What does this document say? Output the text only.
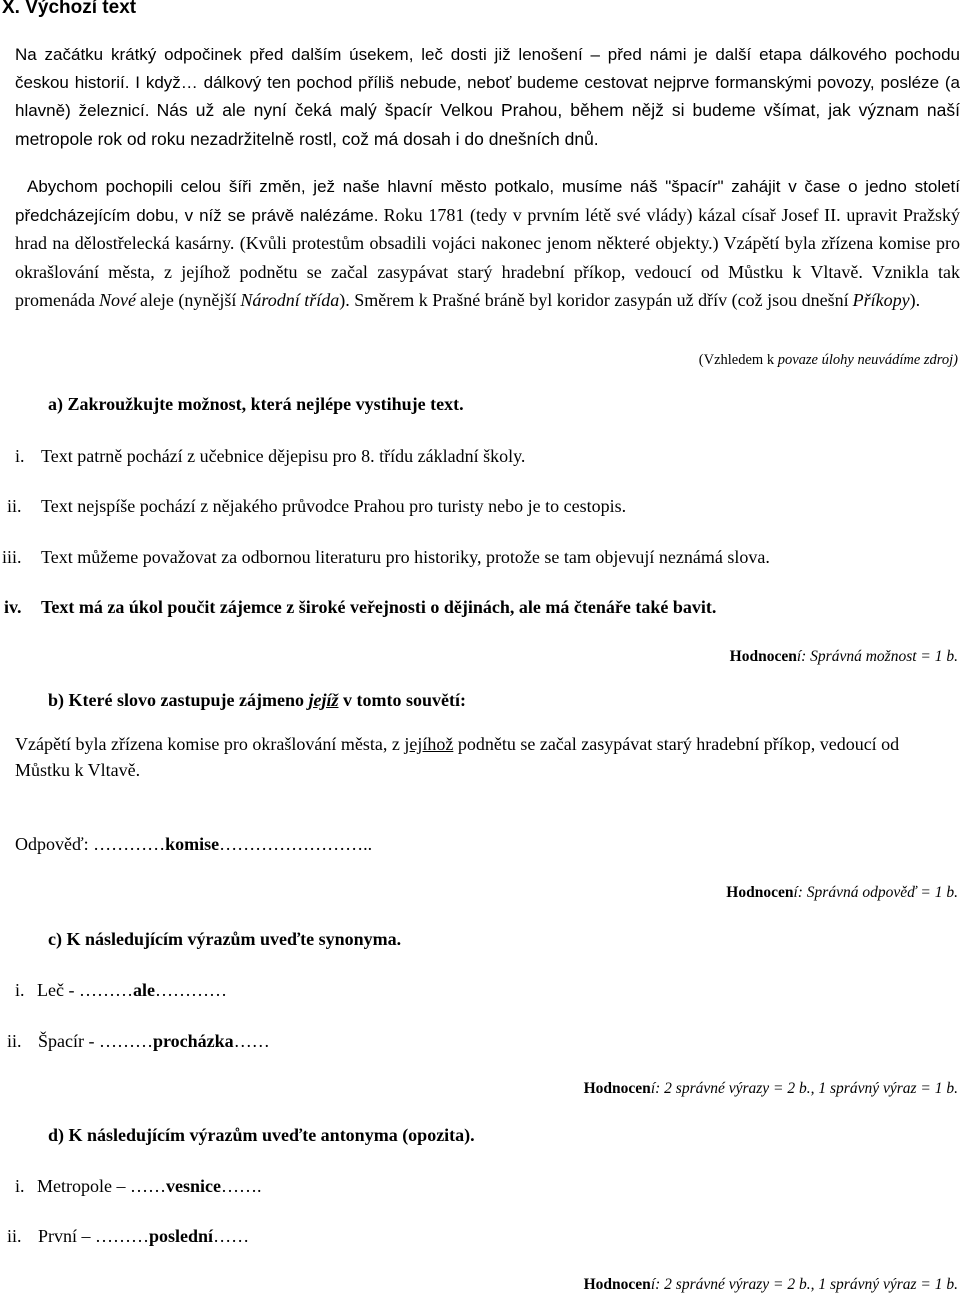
X. Výchozí text
Na začátku krátký odpočinek před dalším úsekem, leč dosti již lenošení – před námi je další etapa dálkového pochodu českou historií. I když… dálkový ten pochod příliš nebude, neboť budeme cestovat nejprve formanskými povozy, posléze (a hlavně) železnicí. Nás už ale nyní čeká malý špacír Velkou Prahou, během nějž si budeme všímat, jak význam naší metropole rok od roku nezadržitelně rostl, což má dosah i do dnešních dnů.
Abychom pochopili celou šíři změn, jež naše hlavní město potkalo, musíme náš "špacír" zahájit v čase o jedno století předcházejícím dobu, v níž se právě nalézáme. Roku 1781 (tedy v prvním létě své vlády) kázal císař Josef II. upravit Pražský hrad na dělostřelecká kasárny. (Kvůli protestům obsadili vojáci nakonec jenom některé objekty.) Vzápětí byla zřízena komise pro okrašlování města, z jejíhož podnětu se začal zasypávat starý hradební příkop, vedoucí od Můstku k Vltavě. Vznikla tak promenáda Nové aleje (nynější Národní třída). Směrem k Prašné bráně byl koridor zasypán už dřív (což jsou dnešní Příkopy).
(Vzhledem k povaze úlohy neuvádíme zdroj)
a) Zakroužkujte možnost, která nejlépe vystihuje text.
i. Text patrně pochází z učebnice dějepisu pro 8. třídu základní školy.
ii. Text nejspíše pochází z nějakého průvodce Prahou pro turisty nebo je to cestopis.
iii. Text můžeme považovat za odbornou literaturu pro historiky, protože se tam objevují neznámá slova.
iv. Text má za úkol poučit zájemce z široké veřejnosti o dějinách, ale má čtenáře také bavit.
Hodnocení: Správná možnost = 1 b.
b) Které slovo zastupuje zájmeno jejíž v tomto souvětí:
Vzápětí byla zřízena komise pro okrašlování města, z jejíhož podnětu se začal zasypávat starý hradební příkop, vedoucí od Můstku k Vltavě.
Odpověď: …………komise……………………..
Hodnocení: Správná odpověď = 1 b.
c) K následujícím výrazům uveďte synonyma.
i. Leč - ………ale…………
ii. Špacír - ………procházka……
Hodnocení: 2 správné výrazy = 2 b., 1 správný výraz = 1 b.
d) K následujícím výrazům uveďte antonyma (opozita).
i. Metropole – ……vesnice…….
ii. První – ………poslední……
Hodnocení: 2 správné výrazy = 2 b., 1 správný výraz = 1 b.
